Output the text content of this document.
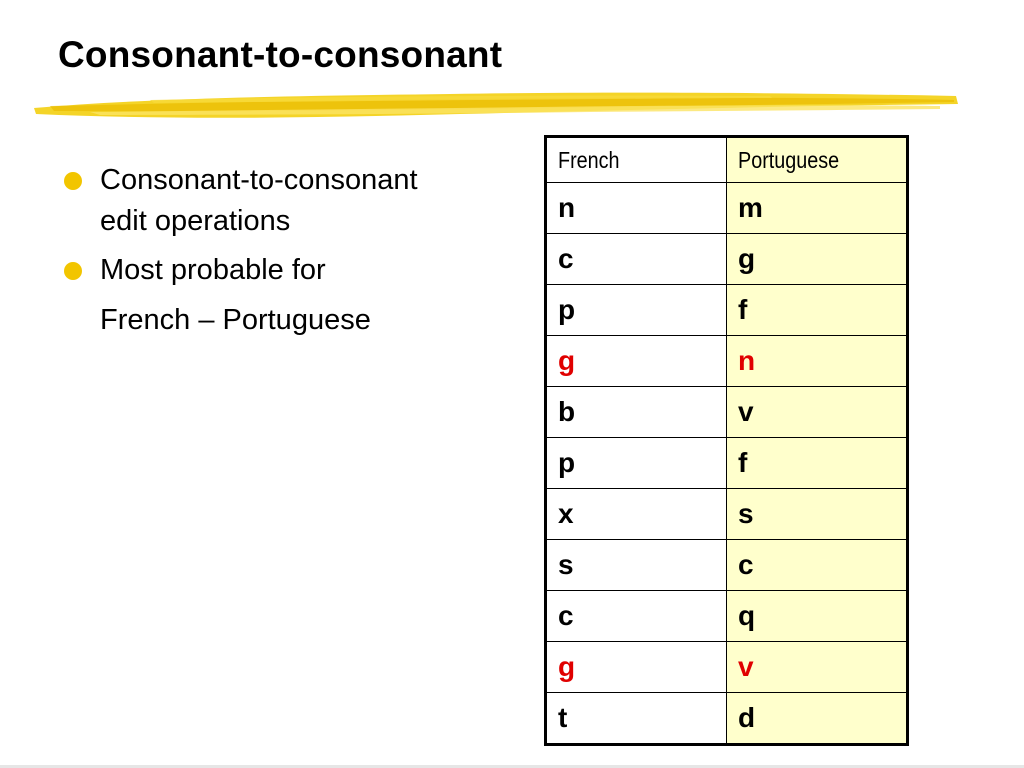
Consonant-to-consonant
Consonant-to-consonant
edit operations
Most probable for
French – Portuguese
French	Portuguese
n	m
c	g
p	f
g	n
b	v
p	f
x	s
s	c
c	q
g	v
t	d
